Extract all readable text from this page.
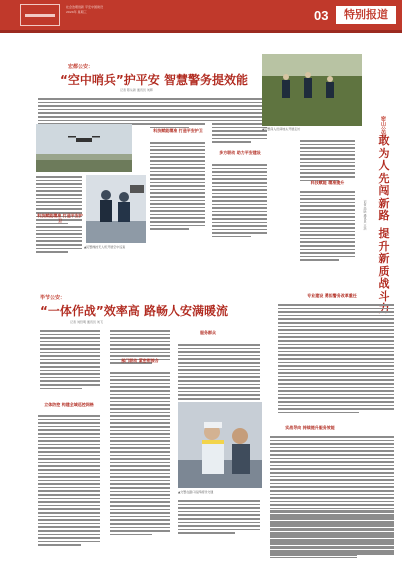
社会治理创新 平安中国建设
2024年 星期三	03	特别报道
宏都公安：
“空中哨兵”护平安 智慧警务提效能
记者 陈从新 通讯员 刘辉
▲民警操控无人机开展空中巡查
科技赋能精准 打造平安护卫
科技赋能精准 打造平安护卫
多方联动 助力平安建设
▲民警深入田间地头开展走访	密山公安：
敢
为
人
先
闯
新
路
提
升
新
质
战
斗
记者 高晗 通讯员 王浩
科技赋能 精准提升
专业建设 勇担警务改革重任
实战导向 持续提升服务效能
毕节公安：
“一体作战”效率高 路畅人安满暖流
记者 刘哲明 通讯员 刘飞
立体防控 构建全域巡控网格
部门联动 紧密衔接合
服务群众
▲交警在路口指挥疏导交通
